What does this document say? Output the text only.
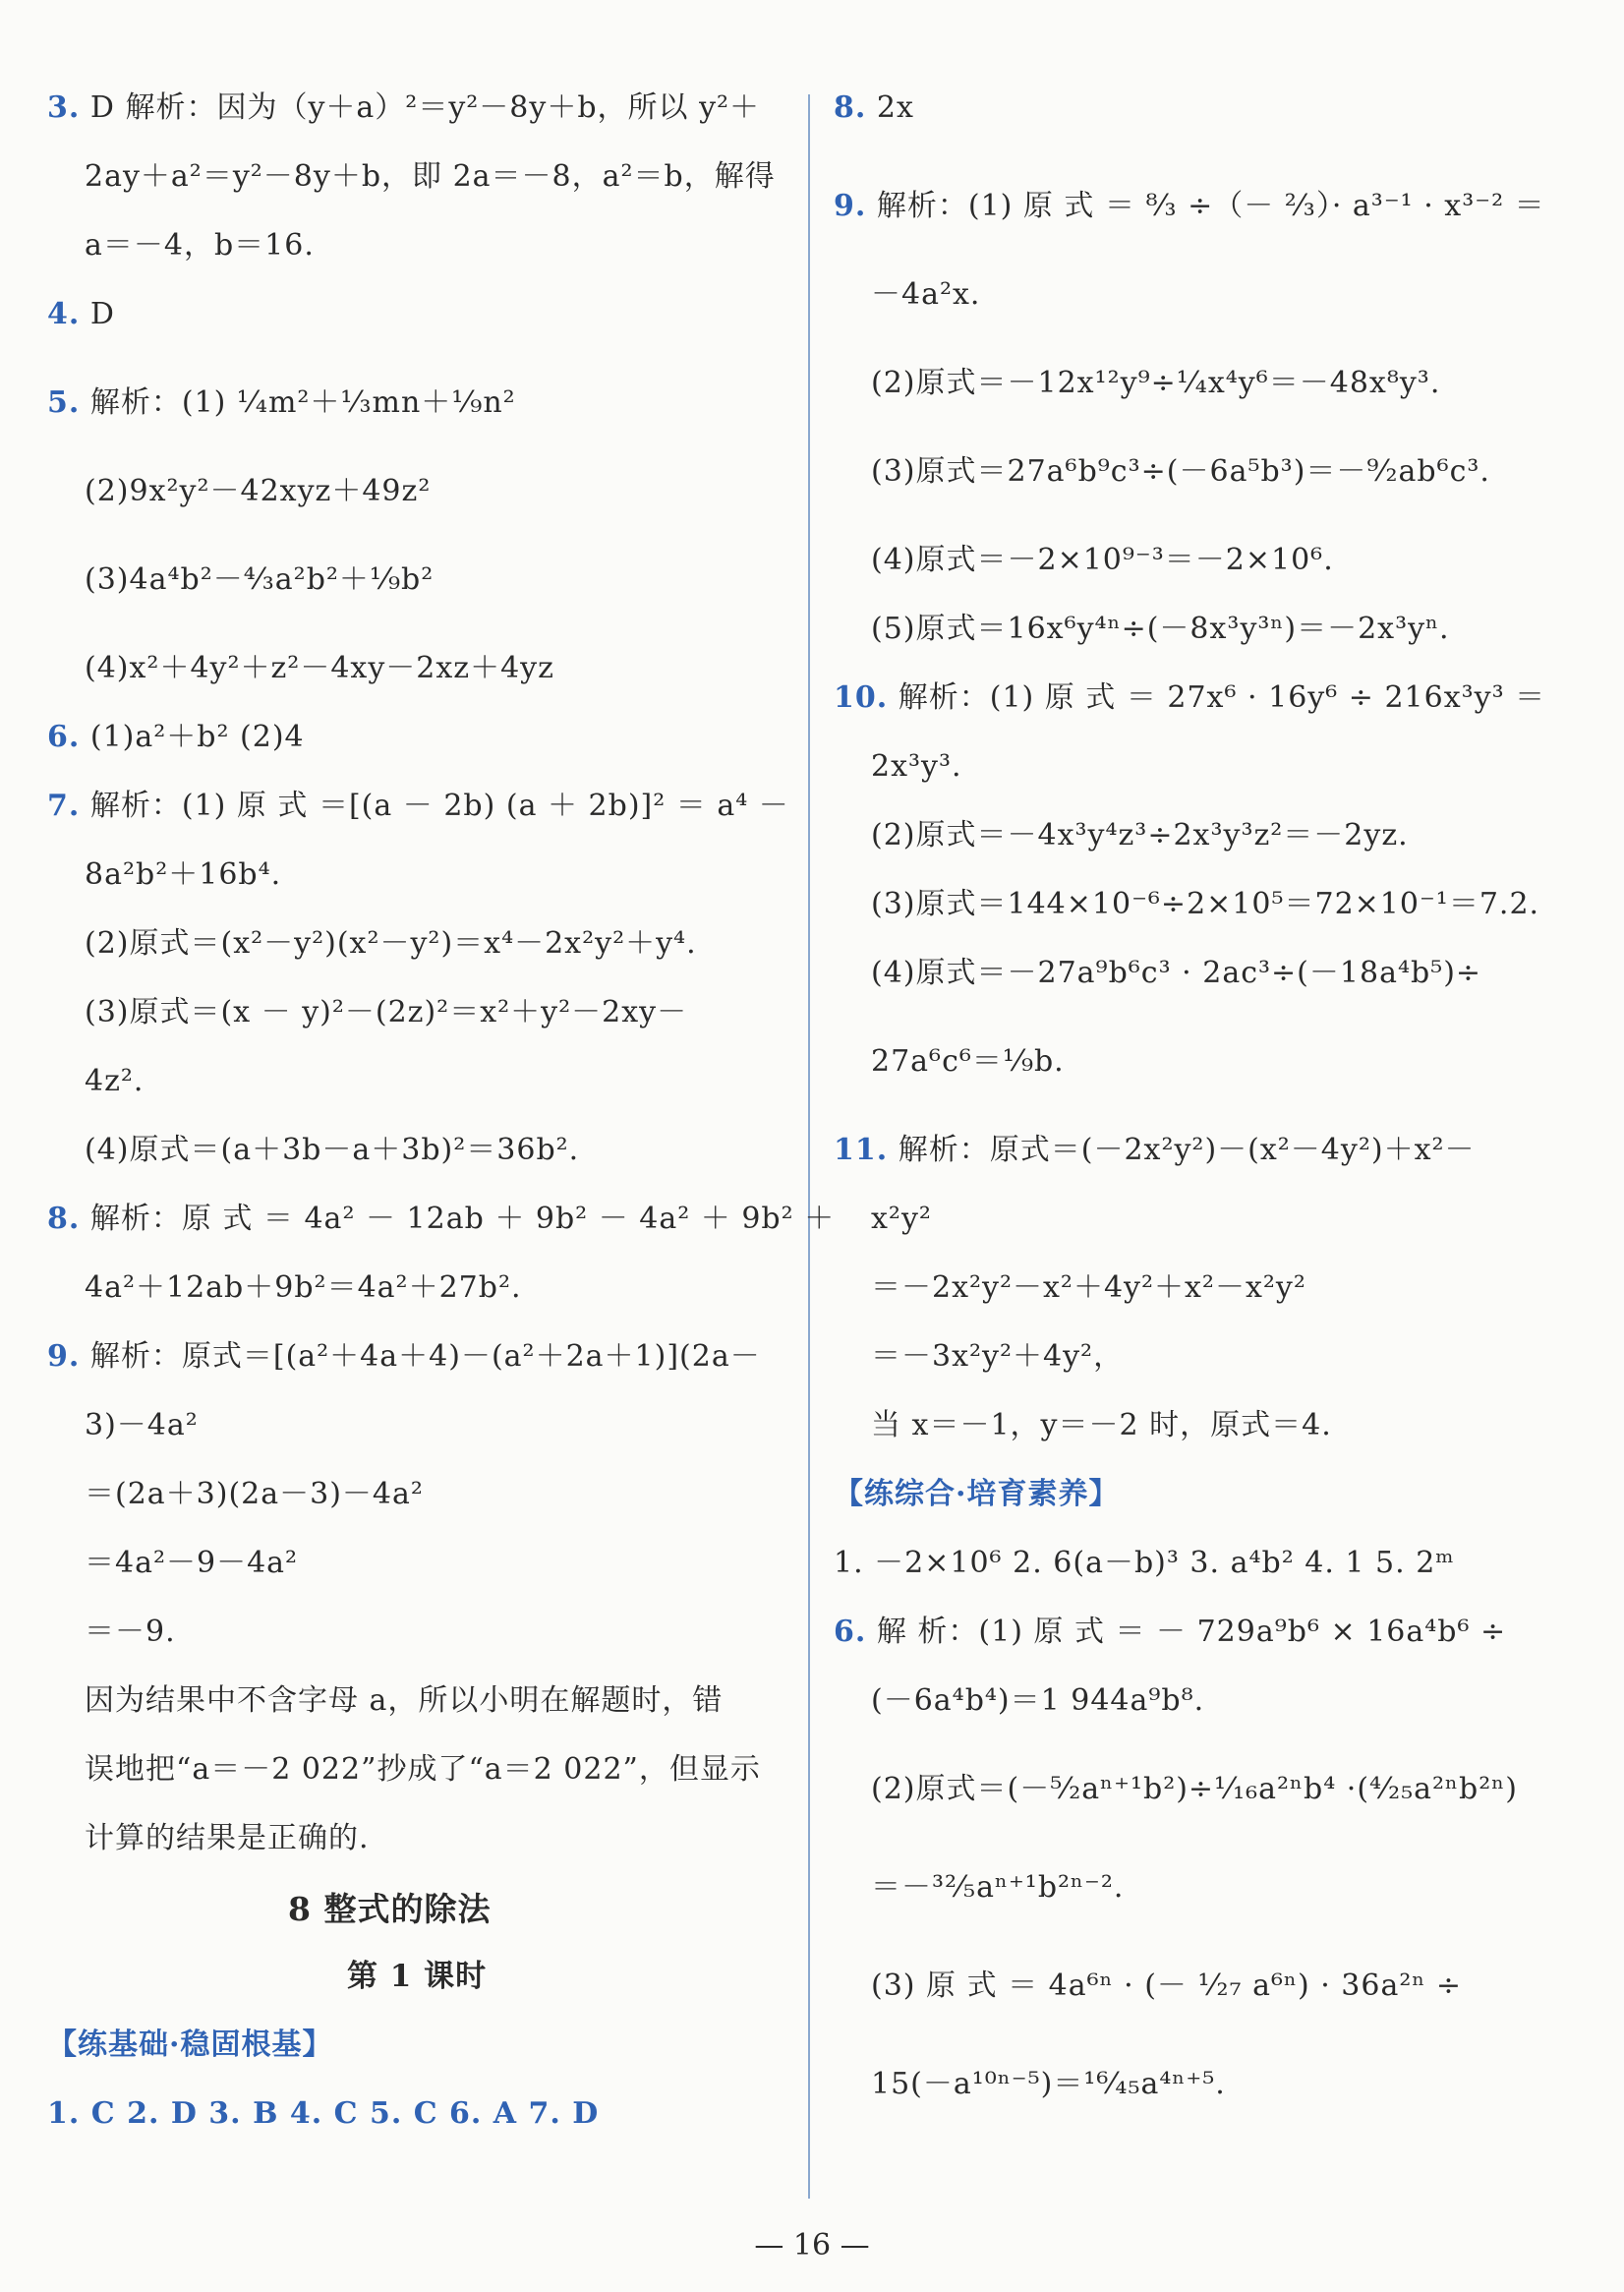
3. D 解析：因为（y＋a）²＝y²－8y＋b，所以 y²＋
2ay＋a²＝y²－8y＋b，即 2a＝－8，a²＝b，解得
a＝－4，b＝16.
4. D
5. 解析：(1) ¹⁄₄m²＋¹⁄₃mn＋¹⁄₉n²
(2)9x²y²－42xyz＋49z²
(3)4a⁴b²－⁴⁄₃a²b²＋¹⁄₉b²
(4)x²＋4y²＋z²－4xy－2xz＋4yz
6. (1)a²＋b² (2)4
7. 解析：(1) 原 式 ＝[(a － 2b) (a ＋ 2b)]² ＝ a⁴ －
8a²b²＋16b⁴.
(2)原式＝(x²－y²)(x²－y²)＝x⁴－2x²y²＋y⁴.
(3)原式＝(x － y)²－(2z)²＝x²＋y²－2xy－
4z².
(4)原式＝(a＋3b－a＋3b)²＝36b².
8. 解析：原 式 ＝ 4a² － 12ab ＋ 9b² － 4a² ＋ 9b² ＋
4a²＋12ab＋9b²＝4a²＋27b².
9. 解析：原式＝[(a²＋4a＋4)－(a²＋2a＋1)](2a－
3)－4a²
＝(2a＋3)(2a－3)－4a²
＝4a²－9－4a²
＝－9.
因为结果中不含字母 a，所以小明在解题时，错
误地把“a＝－2 022”抄成了“a＝2 022”，但显示
计算的结果是正确的.
8 整式的除法
第 1 课时
【练基础·稳固根基】
1. C 2. D 3. B 4. C 5. C 6. A 7. D
8. 2x
9. 解析：(1) 原 式 ＝ ⁸⁄₃ ÷（－ ²⁄₃）· a³⁻¹ · x³⁻² ＝
－4a²x.
(2)原式＝－12x¹²y⁹÷¹⁄₄x⁴y⁶＝－48x⁸y³.
(3)原式＝27a⁶b⁹c³÷(－6a⁵b³)＝－⁹⁄₂ab⁶c³.
(4)原式＝－2×10⁹⁻³＝－2×10⁶.
(5)原式＝16x⁶y⁴ⁿ÷(－8x³y³ⁿ)＝－2x³yⁿ.
10. 解析：(1) 原 式 ＝ 27x⁶ · 16y⁶ ÷ 216x³y³ ＝
2x³y³.
(2)原式＝－4x³y⁴z³÷2x³y³z²＝－2yz.
(3)原式＝144×10⁻⁶÷2×10⁵＝72×10⁻¹＝7.2.
(4)原式＝－27a⁹b⁶c³ · 2ac³÷(－18a⁴b⁵)÷
27a⁶c⁶＝¹⁄₉b.
11. 解析：原式＝(－2x²y²)－(x²－4y²)＋x²－
x²y²
＝－2x²y²－x²＋4y²＋x²－x²y²
＝－3x²y²＋4y²，
当 x＝－1，y＝－2 时，原式＝4.
【练综合·培育素养】
1. －2×10⁶ 2. 6(a－b)³ 3. a⁴b² 4. 1 5. 2ᵐ
6. 解 析：(1) 原 式 ＝ － 729a⁹b⁶ × 16a⁴b⁶ ÷
(－6a⁴b⁴)＝1 944a⁹b⁸.
(2)原式＝(－⁵⁄₂aⁿ⁺¹b²)÷¹⁄₁₆a²ⁿb⁴ ·(⁴⁄₂₅a²ⁿb²ⁿ)
＝－³²⁄₅aⁿ⁺¹b²ⁿ⁻².
(3) 原 式 ＝ 4a⁶ⁿ · (－ ¹⁄₂₇ a⁶ⁿ) · 36a²ⁿ ÷
15(－a¹⁰ⁿ⁻⁵)＝¹⁶⁄₄₅a⁴ⁿ⁺⁵.
— 16 —
